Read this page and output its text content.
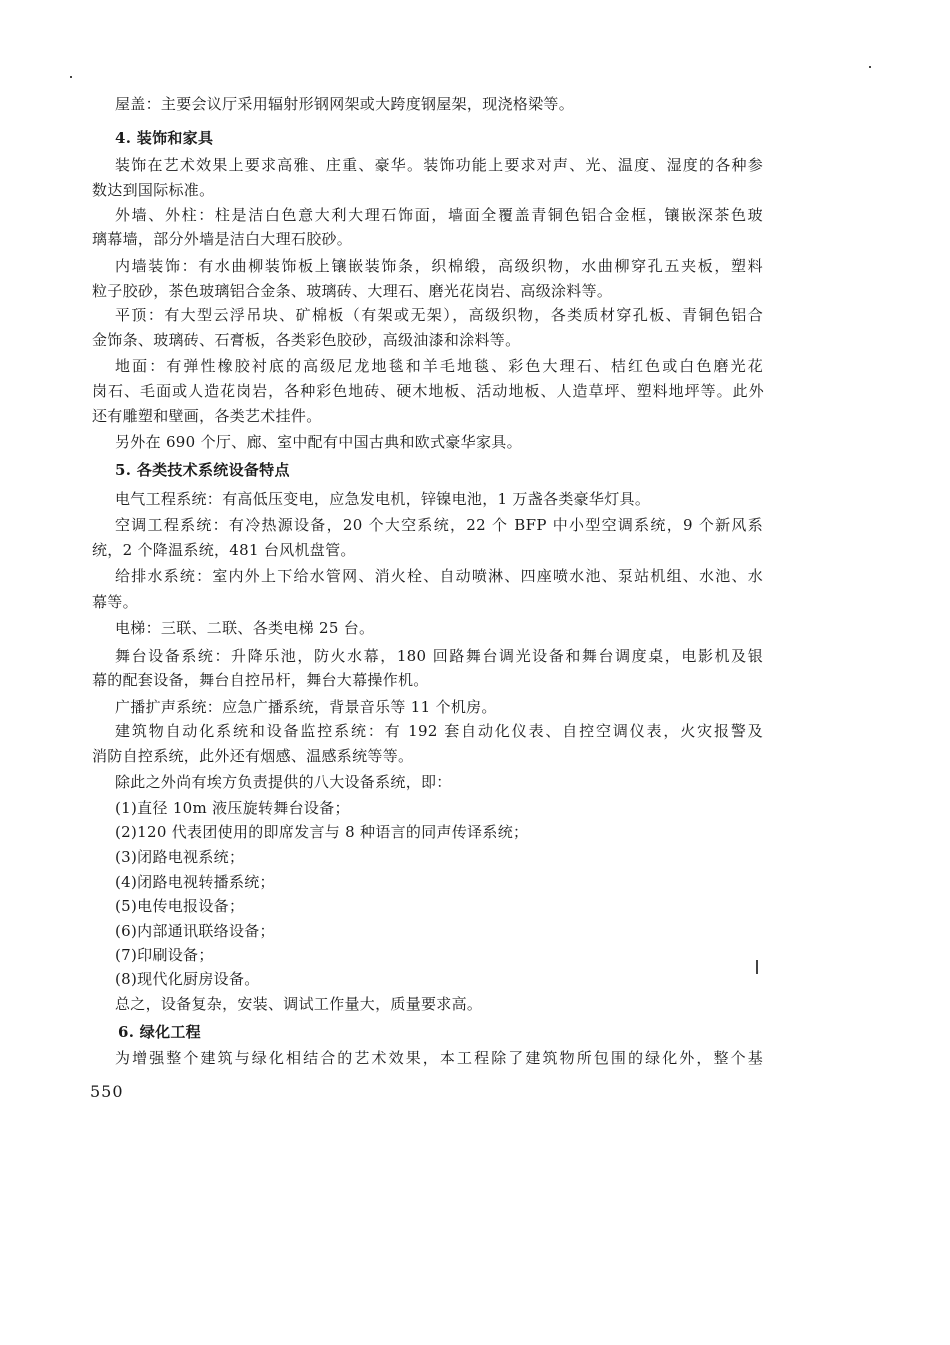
屋盖：主要会议厅采用辐射形钢网架或大跨度钢屋架，现浇格梁等。
4. 装饰和家具
装饰在艺术效果上要求高雅、庄重、豪华。装饰功能上要求对声、光、温度、湿度的各种参
数达到国际标准。
外墙、外柱：柱是洁白色意大利大理石饰面，墙面全覆盖青铜色铝合金框，镶嵌深茶色玻
璃幕墙，部分外墙是洁白大理石胶砂。
内墙装饰：有水曲柳装饰板上镶嵌装饰条，织棉缎，高级织物，水曲柳穿孔五夹板，塑料
粒子胶砂，茶色玻璃铝合金条、玻璃砖、大理石、磨光花岗岩、高级涂料等。
平顶：有大型云浮吊块、矿棉板（有架或无架），高级织物，各类质材穿孔板、青铜色铝合
金饰条、玻璃砖、石膏板，各类彩色胶砂，高级油漆和涂料等。
地面：有弹性橡胶衬底的高级尼龙地毯和羊毛地毯、彩色大理石、桔红色或白色磨光花
岗石、毛面或人造花岗岩，各种彩色地砖、硬木地板、活动地板、人造草坪、塑料地坪等。此外
还有雕塑和壁画，各类艺术挂件。
另外在 690 个厅、廊、室中配有中国古典和欧式豪华家具。
5. 各类技术系统设备特点
电气工程系统：有高低压变电，应急发电机，锌镍电池，1 万盏各类豪华灯具。
空调工程系统：有冷热源设备，20 个大空系统，22 个 BFP 中小型空调系统，9 个新风系
统，2 个降温系统，481 台风机盘管。
给排水系统：室内外上下给水管网、消火栓、自动喷淋、四座喷水池、泵站机组、水池、水
幕等。
电梯：三联、二联、各类电梯 25 台。
舞台设备系统：升降乐池，防火水幕，180 回路舞台调光设备和舞台调度桌，电影机及银
幕的配套设备，舞台自控吊杆，舞台大幕操作机。
广播扩声系统：应急广播系统，背景音乐等 11 个机房。
建筑物自动化系统和设备监控系统：有 192 套自动化仪表、自控空调仪表，火灾报警及
消防自控系统，此外还有烟感、温感系统等等。
除此之外尚有埃方负责提供的八大设备系统，即：
(1)直径 10m 液压旋转舞台设备；
(2)120 代表团使用的即席发言与 8 种语言的同声传译系统；
(3)闭路电视系统；
(4)闭路电视转播系统；
(5)电传电报设备；
(6)内部通讯联络设备；
(7)印刷设备；
(8)现代化厨房设备。
总之，设备复杂，安装、调试工作量大，质量要求高。
6. 绿化工程
为增强整个建筑与绿化相结合的艺术效果，本工程除了建筑物所包围的绿化外，整个基
550
